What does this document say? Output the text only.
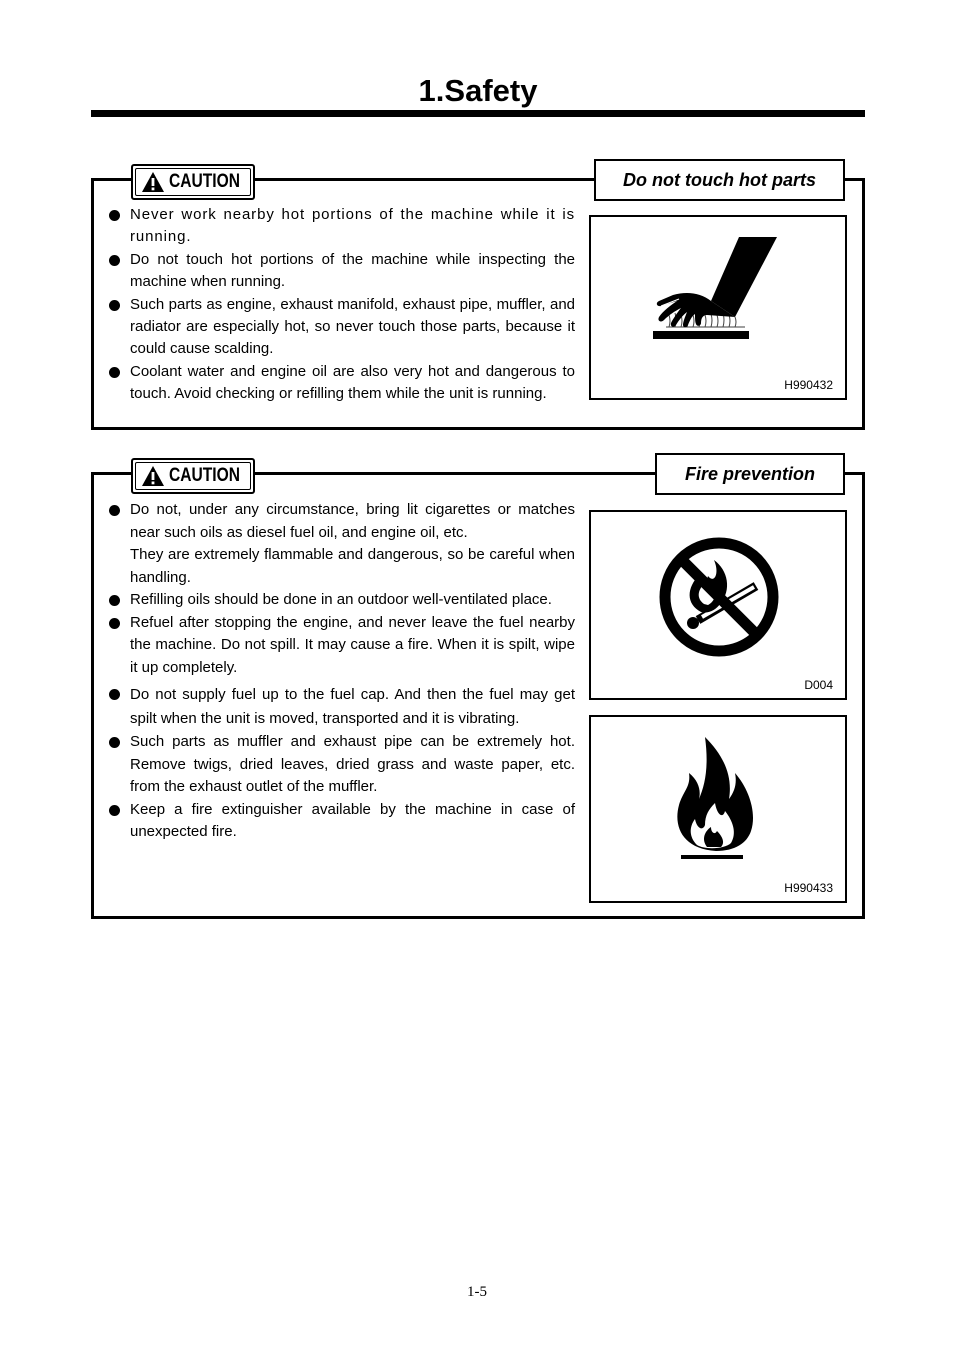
1.Safety
CAUTION	Do not touch hot parts
Never work nearby hot portions of the machine while it is running.
Do not touch hot portions of the machine while inspecting the machine when running.
Such parts as engine, exhaust manifold, exhaust pipe, muffler, and radiator are especially hot, so never touch those parts, because it could cause scalding.
Coolant water and engine oil are also very hot and dangerous to touch. Avoid checking or refilling them while the unit is running.	H990432
CAUTION	Fire prevention
Do not, under any circumstance, bring lit cigarettes or matches near such oils as diesel fuel oil, and engine oil, etc.
They are extremely flammable and dangerous, so be careful when handling.
Refilling oils should be done in an outdoor well-ventilated place.
Refuel after stopping the engine, and never leave the fuel nearby the machine. Do not spill. It may cause a fire. When it is spilt, wipe it up completely.
Do not supply fuel up to the fuel cap. And then the fuel may get spilt when the unit is moved, transported and it is vibrating.
Such parts as muffler and exhaust pipe can be extremely hot. Remove twigs, dried leaves, dried grass and waste paper, etc. from the exhaust outlet of the muffler.
Keep a fire extinguisher available by the machine in case of unexpected fire.
D004
H990433
1-5
